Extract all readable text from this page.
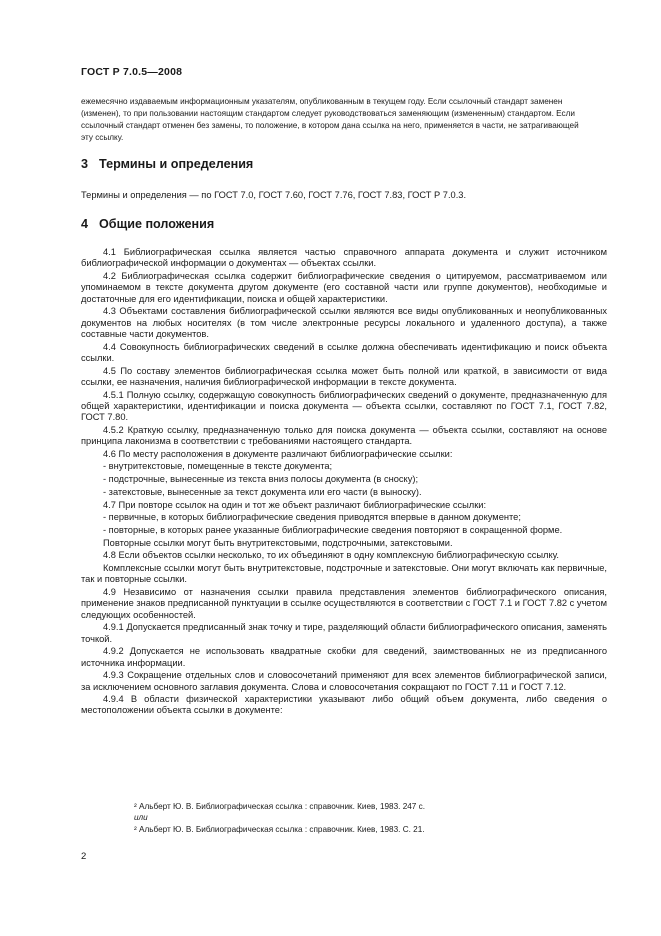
ГОСТ Р 7.0.5—2008
ежемесячно издаваемым информационным указателям, опубликованным в текущем году. Если ссылочный стандарт заменен (изменен), то при пользовании настоящим стандартом следует руководствоваться заменяющим (измененным) стандартом. Если ссылочный стандарт отменен без замены, то положение, в котором дана ссылка на него, применяется в части, не затрагивающей эту ссылку.
3 Термины и определения
Термины и определения — по ГОСТ 7.0, ГОСТ 7.60, ГОСТ 7.76, ГОСТ 7.83, ГОСТ Р 7.0.3.
4 Общие положения

4.1 Библиографическая ссылка является частью справочного аппарата документа и служит источником библиографической информации о документах — объектах ссылки.

4.2 Библиографическая ссылка содержит библиографические сведения о цитируемом, рассматриваемом или упоминаемом в тексте документа другом документе (его составной части или группе документов), необходимые и достаточные для его идентификации, поиска и общей характеристики.

4.3 Объектами составления библиографической ссылки являются все виды опубликованных и неопубликованных документов на любых носителях (в том числе электронные ресурсы локального и удаленного доступа), а также составные части документов.

4.4 Совокупность библиографических сведений в ссылке должна обеспечивать идентификацию и поиск объекта ссылки.

4.5 По составу элементов библиографическая ссылка может быть полной или краткой, в зависимости от вида ссылки, ее назначения, наличия библиографической информации в тексте документа.

4.5.1 Полную ссылку, содержащую совокупность библиографических сведений о документе, предназначенную для общей характеристики, идентификации и поиска документа — объекта ссылки, составляют по ГОСТ 7.1, ГОСТ 7.82, ГОСТ 7.80.

4.5.2 Краткую ссылку, предназначенную только для поиска документа — объекта ссылки, составляют на основе принципа лаконизма в соответствии с требованиями настоящего стандарта.

4.6 По месту расположения в документе различают библиографические ссылки:

- внутритекстовые, помещенные в тексте документа;

- подстрочные, вынесенные из текста вниз полосы документа (в сноску);

- затекстовые, вынесенные за текст документа или его части (в выноску).

4.7 При повторе ссылок на один и тот же объект различают библиографические ссылки:

- первичные, в которых библиографические сведения приводятся впервые в данном документе;

- повторные, в которых ранее указанные библиографические сведения повторяют в сокращенной форме.

Повторные ссылки могут быть внутритекстовыми, подстрочными, затекстовыми.

4.8 Если объектов ссылки несколько, то их объединяют в одну комплексную библиографическую ссылку.

Комплексные ссылки могут быть внутритекстовые, подстрочные и затекстовые. Они могут включать как первичные, так и повторные ссылки.

4.9 Независимо от назначения ссылки правила представления элементов библиографического описания, применение знаков предписанной пунктуации в ссылке осуществляются в соответствии с ГОСТ 7.1 и ГОСТ 7.82 с учетом следующих особенностей.

4.9.1 Допускается предписанный знак точку и тире, разделяющий области библиографического описания, заменять точкой.

4.9.2 Допускается не использовать квадратные скобки для сведений, заимствованных не из предписанного источника информации.

4.9.3 Сокращение отдельных слов и словосочетаний применяют для всех элементов библиографической записи, за исключением основного заглавия документа. Слова и словосочетания сокращают по ГОСТ 7.11 и ГОСТ 7.12.

4.9.4 В области физической характеристики указывают либо общий объем документа, либо сведения о местоположении объекта ссылки в документе:

² Альберт Ю. В. Библиографическая ссылка : справочник. Киев, 1983. 247 с.
или
² Альберт Ю. В. Библиографическая ссылка : справочник. Киев, 1983. С. 21.
2
